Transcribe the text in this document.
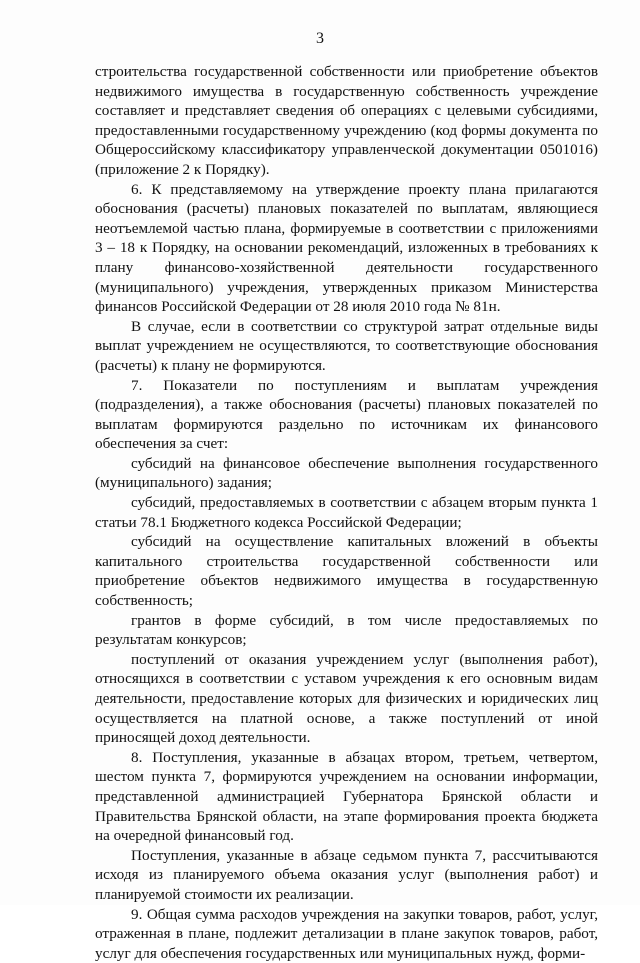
3

строительства государственной собственности или приобретение объектов недвижимого имущества в государственную собственность учреждение составляет и представляет сведения об операциях с целевыми субсидиями, предоставленными государственному учреждению (код формы документа по Общероссийскому классификатору управленческой документации 0501016) (приложение 2 к Порядку).

6. К представляемому на утверждение проекту плана прилагаются обоснования (расчеты) плановых показателей по выплатам, являющиеся неотъемлемой частью плана, формируемые в соответствии с приложениями 3 – 18 к Порядку, на основании рекомендаций, изложенных в требованиях к плану финансово-хозяйственной деятельности государственного (муниципального) учреждения, утвержденных приказом Министерства финансов Российской Федерации от 28 июля 2010 года № 81н.

В случае, если в соответствии со структурой затрат отдельные виды выплат учреждением не осуществляются, то соответствующие обоснования (расчеты) к плану не формируются.

7. Показатели по поступлениям и выплатам учреждения (подразделения), а также обоснования (расчеты) плановых показателей по выплатам формируются раздельно по источникам их финансового обеспечения за счет:

субсидий на финансовое обеспечение выполнения государственного (муниципального) задания;

субсидий, предоставляемых в соответствии с абзацем вторым пункта 1 статьи 78.1 Бюджетного кодекса Российской Федерации;

субсидий на осуществление капитальных вложений в объекты капитального строительства государственной собственности или приобретение объектов недвижимого имущества в государственную собственность;

грантов в форме субсидий, в том числе предоставляемых по результатам конкурсов;

поступлений от оказания учреждением услуг (выполнения работ), относящихся в соответствии с уставом учреждения к его основным видам деятельности, предоставление которых для физических и юридических лиц осуществляется на платной основе, а также поступлений от иной приносящей доход деятельности.

8. Поступления, указанные в абзацах втором, третьем, четвертом, шестом пункта 7, формируются учреждением на основании информации, представленной администрацией Губернатора Брянской области и Правительства Брянской области, на этапе формирования проекта бюджета на очередной финансовый год.

Поступления, указанные в абзаце седьмом пункта 7, рассчитываются исходя из планируемого объема оказания услуг (выполнения работ) и планируемой стоимости их реализации.

9. Общая сумма расходов учреждения на закупки товаров, работ, услуг, отраженная в плане, подлежит детализации в плане закупок товаров, работ, услуг для обеспечения государственных или муниципальных нужд, форми-
